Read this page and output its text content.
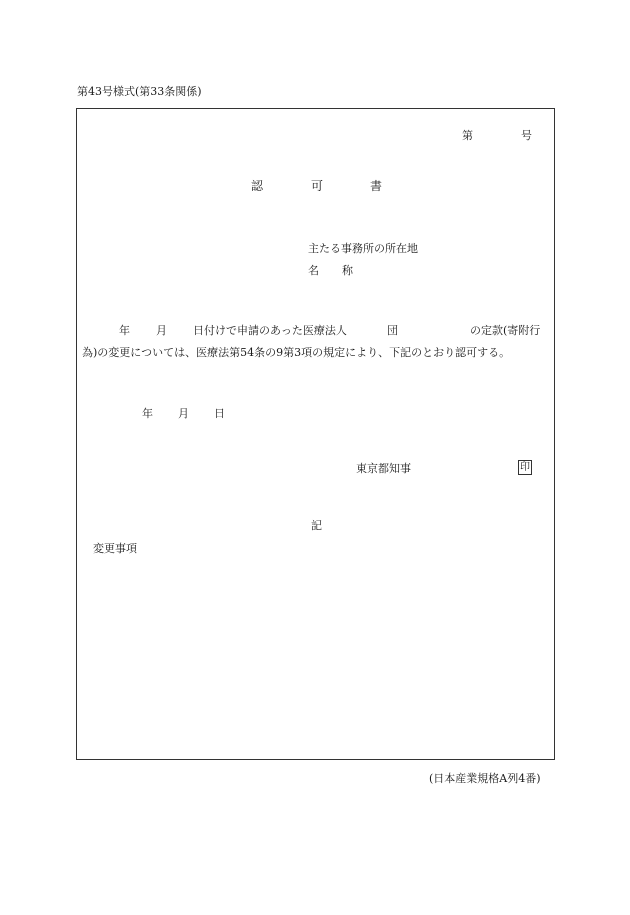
第43号様式(第33条関係)
第	号
認	可	書
主たる事務所の所在地
名 称
年 月 日付けで申請のあった医療法人	団	の定款(寄附行
為)の変更については、医療法第54条の9第3項の規定により、下記のとおり認可する。
年 月 日
東京都知事	印
記
変更事項
(日本産業規格A列4番)
